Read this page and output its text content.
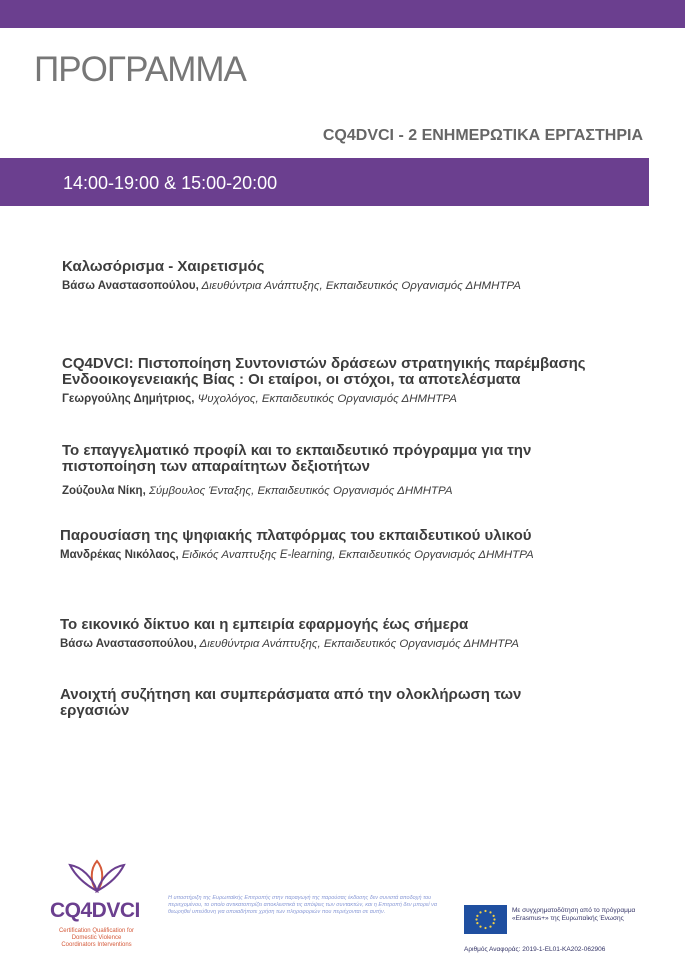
ΠΡΟΓΡΑΜΜΑ
CQ4DVCI - 2 ΕΝΗΜΕΡΩΤΙΚΑ ΕΡΓΑΣΤΗΡΙΑ
14:00-19:00 & 15:00-20:00
Καλωσόρισμα - Χαιρετισμός
Βάσω Αναστασοπούλου, Διευθύντρια Ανάπτυξης, Εκπαιδευτικός Οργανισμός ΔΗΜΗΤΡΑ
CQ4DVCI: Πιστοποίηση Συντονιστών δράσεων στρατηγικής παρέμβασης Ενδοοικογενειακής Βίας : Οι εταίροι, οι στόχοι, τα αποτελέσματα
Γεωργούλης Δημήτριος, Ψυχολόγος, Εκπαιδευτικός Οργανισμός ΔΗΜΗΤΡΑ
Το επαγγελματικό προφίλ και το εκπαιδευτικό πρόγραμμα για την πιστοποίηση των απαραίτητων δεξιοτήτων
Ζούζουλα Νίκη, Σύμβουλος Ένταξης, Εκπαιδευτικός Οργανισμός ΔΗΜΗΤΡΑ
Παρουσίαση της ψηφιακής πλατφόρμας του εκπαιδευτικού υλικού
Μανδρέκας Νικόλαος, Ειδικός Αναπτυξης E-learning, Εκπαιδευτικός Οργανισμός ΔΗΜΗΤΡΑ
Το εικονικό δίκτυο και η εμπειρία εφαρμογής έως σήμερα
Βάσω Αναστασοπούλου, Διευθύντρια Ανάπτυξης, Εκπαιδευτικός Οργανισμός ΔΗΜΗΤΡΑ
Ανοιχτή συζήτηση και συμπεράσματα από την ολοκλήρωση των εργασιών
CQ4DVCI
Certification Qualification for Domestic Violence Coordinators Interventions
Η υποστήριξη της Ευρωπαϊκής Επιτροπής στην παραγωγή της παρούσας έκδοσης δεν συνιστά αποδοχή του περιεχομένου, το οποίο αντικατοπτρίζει αποκλειστικά τις απόψεις των συντακτών, και η Επιτροπή δεν μπορεί να θεωρηθεί υπεύθυνη για οποιαδήποτε χρήση των πληροφοριών που περιέχονται σε αυτήν.	Με συγχρηματοδότηση από το πρόγραμμα «Erasmus+» της Ευρωπαϊκής Ένωσης
Αριθμός Αναφοράς: 2019-1-EL01-KA202-062906
